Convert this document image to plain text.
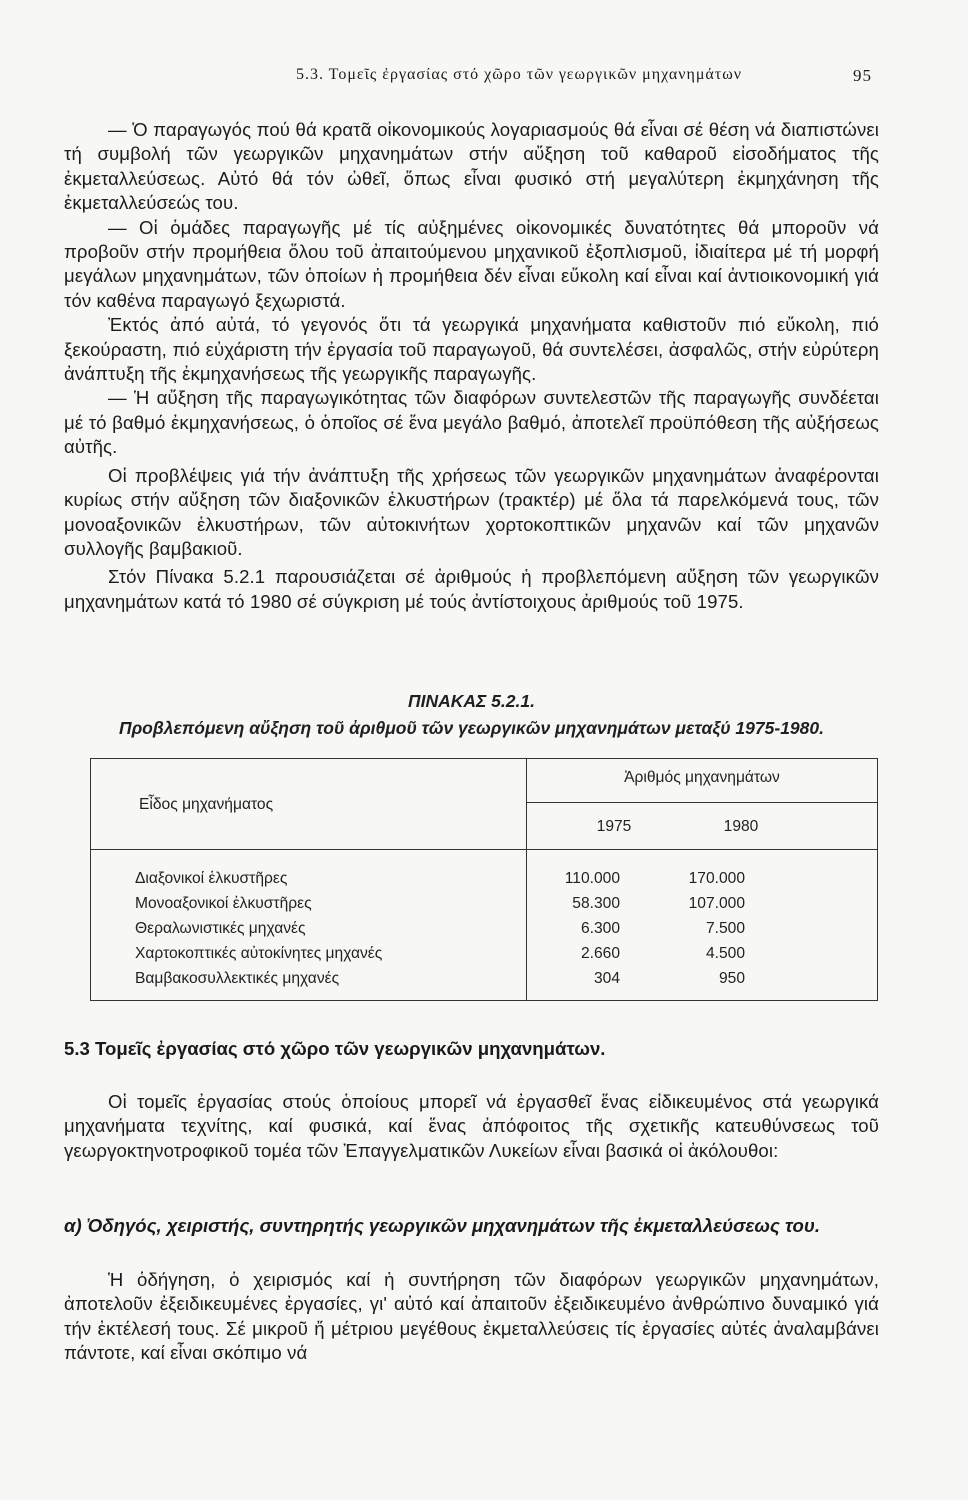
5.3. Τομεῖς ἐργασίας στό χῶρο τῶν γεωργικῶν μηχανημάτων	95

— Ὁ παραγωγός πού θά κρατᾶ οἰκονομικούς λογαριασμούς θά εἶναι σέ θέση νά διαπιστώνει τή συμβολή τῶν γεωργικῶν μηχανημάτων στήν αὔξηση τοῦ καθαροῦ εἰσοδήματος τῆς ἐκμεταλλεύσεως. Αὐτό θά τόν ὠθεῖ, ὅπως εἶναι φυσικό στή μεγαλύτερη ἐκμηχάνηση τῆς ἐκμεταλλεύσεώς του.

— Οἱ ὁμάδες παραγωγῆς μέ τίς αὐξημένες οἰκονομικές δυνατότητες θά μποροῦν νά προβοῦν στήν προμήθεια ὅλου τοῦ ἀπαιτούμενου μηχανικοῦ ἐξοπλισμοῦ, ἰδιαίτερα μέ τή μορφή μεγάλων μηχανημάτων, τῶν ὁποίων ἡ προμήθεια δέν εἶναι εὔκολη καί εἶναι καί ἀντιοικονομική γιά τόν καθένα παραγωγό ξεχωριστά.

Ἐκτός ἀπό αὐτά, τό γεγονός ὅτι τά γεωργικά μηχανήματα καθιστοῦν πιό εὔκολη, πιό ξεκούραστη, πιό εὐχάριστη τήν ἐργασία τοῦ παραγωγοῦ, θά συντελέσει, ἀσφαλῶς, στήν εὐρύτερη ἀνάπτυξη τῆς ἐκμηχανήσεως τῆς γεωργικῆς παραγωγῆς.

— Ἡ αὔξηση τῆς παραγωγικότητας τῶν διαφόρων συντελεστῶν τῆς παραγωγῆς συνδέεται μέ τό βαθμό ἐκμηχανήσεως, ὁ ὁποῖος σέ ἕνα μεγάλο βαθμό, ἀποτελεῖ προϋπόθεση τῆς αὐξήσεως αὐτῆς.

Οἱ προβλέψεις γιά τήν ἀνάπτυξη τῆς χρήσεως τῶν γεωργικῶν μηχανημάτων ἀναφέρονται κυρίως στήν αὔξηση τῶν διαξονικῶν ἑλκυστήρων (τρακτέρ) μέ ὅλα τά παρελκόμενά τους, τῶν μονοαξονικῶν ἑλκυστήρων, τῶν αὐτοκινήτων χορτοκοπτικῶν μηχανῶν καί τῶν μηχανῶν συλλογῆς βαμβακιοῦ.

Στόν Πίνακα 5.2.1 παρουσιάζεται σέ ἀριθμούς ἡ προβλεπόμενη αὔξηση τῶν γεωργικῶν μηχανημάτων κατά τό 1980 σέ σύγκριση μέ τούς ἀντίστοιχους ἀριθμούς τοῦ 1975.

ΠΙΝΑΚΑΣ 5.2.1.
Προβλεπόμενη αὔξηση τοῦ ἀριθμοῦ τῶν γεωργικῶν μηχανημάτων μεταξύ 1975-1980.
Εἶδος μηχανήματος
Ἀριθμός μηχανημάτων
1975	1980
Διαξονικοί ἑλκυστῆρες
Μονοαξονικοί ἑλκυστῆρες
Θεραλωνιστικές μηχανές
Χαρτοκοπτικές αὐτοκίνητες μηχανές
Βαμβακοσυλλεκτικές μηχανές
110.000
58.300
6.300
2.660
304
170.000
107.000
7.500
4.500
950
5.3 Τομεῖς ἐργασίας στό χῶρο τῶν γεωργικῶν μηχανημάτων.

Οἱ τομεῖς ἐργασίας στούς ὁποίους μπορεῖ νά ἐργασθεῖ ἕνας εἰδικευμένος στά γεωργικά μηχανήματα τεχνίτης, καί φυσικά, καί ἕνας ἀπόφοιτος τῆς σχετικῆς κατευθύνσεως τοῦ γεωργοκτηνοτροφικοῦ τομέα τῶν Ἐπαγγελματικῶν Λυκείων εἶναι βασικά οἱ ἀκόλουθοι:

α) Ὀδηγός, χειριστής, συντηρητής γεωργικῶν μηχανημάτων τῆς ἐκμεταλλεύσεως του.

Ἡ ὁδήγηση, ὁ χειρισμός καί ἡ συντήρηση τῶν διαφόρων γεωργικῶν μηχανημάτων, ἀποτελοῦν ἐξειδικευμένες ἐργασίες, γι' αὐτό καί ἀπαιτοῦν ἐξειδικευμένο ἀνθρώπινο δυναμικό γιά τήν ἐκτέλεσή τους. Σέ μικροῦ ἤ μέτριου μεγέθους ἐκμεταλλεύσεις τίς ἐργασίες αὐτές ἀναλαμβάνει πάντοτε, καί εἶναι σκόπιμο νά
